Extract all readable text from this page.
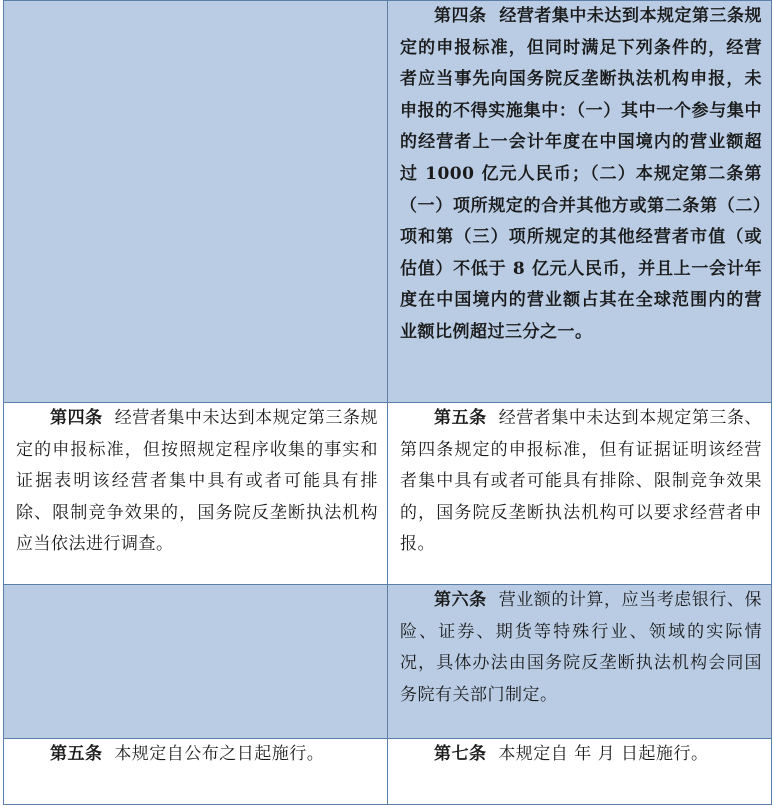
	第四条 经营者集中未达到本规定第三条规定的申报标准，但同时满足下列条件的，经营者应当事先向国务院反垄断执法机构申报，未申报的不得实施集中：（一）其中一个参与集中的经营者上一会计年度在中国境内的营业额超过 1000 亿元人民币；（二）本规定第二条第（一）项所规定的合并其他方或第二条第（二）项和第（三）项所规定的其他经营者市值（或估值）不低于 8 亿元人民币，并且上一会计年度在中国境内的营业额占其在全球范围内的营业额比例超过三分之一。
第四条 经营者集中未达到本规定第三条规定的申报标准，但按照规定程序收集的事实和证据表明该经营者集中具有或者可能具有排除、限制竞争效果的，国务院反垄断执法机构应当依法进行调查。	第五条 经营者集中未达到本规定第三条、第四条规定的申报标准，但有证据证明该经营者集中具有或者可能具有排除、限制竞争效果的，国务院反垄断执法机构可以要求经营者申报。
	第六条 营业额的计算，应当考虑银行、保险、证券、期货等特殊行业、领域的实际情况，具体办法由国务院反垄断执法机构会同国务院有关部门制定。
第五条 本规定自公布之日起施行。	第七条 本规定自 年 月 日起施行。
